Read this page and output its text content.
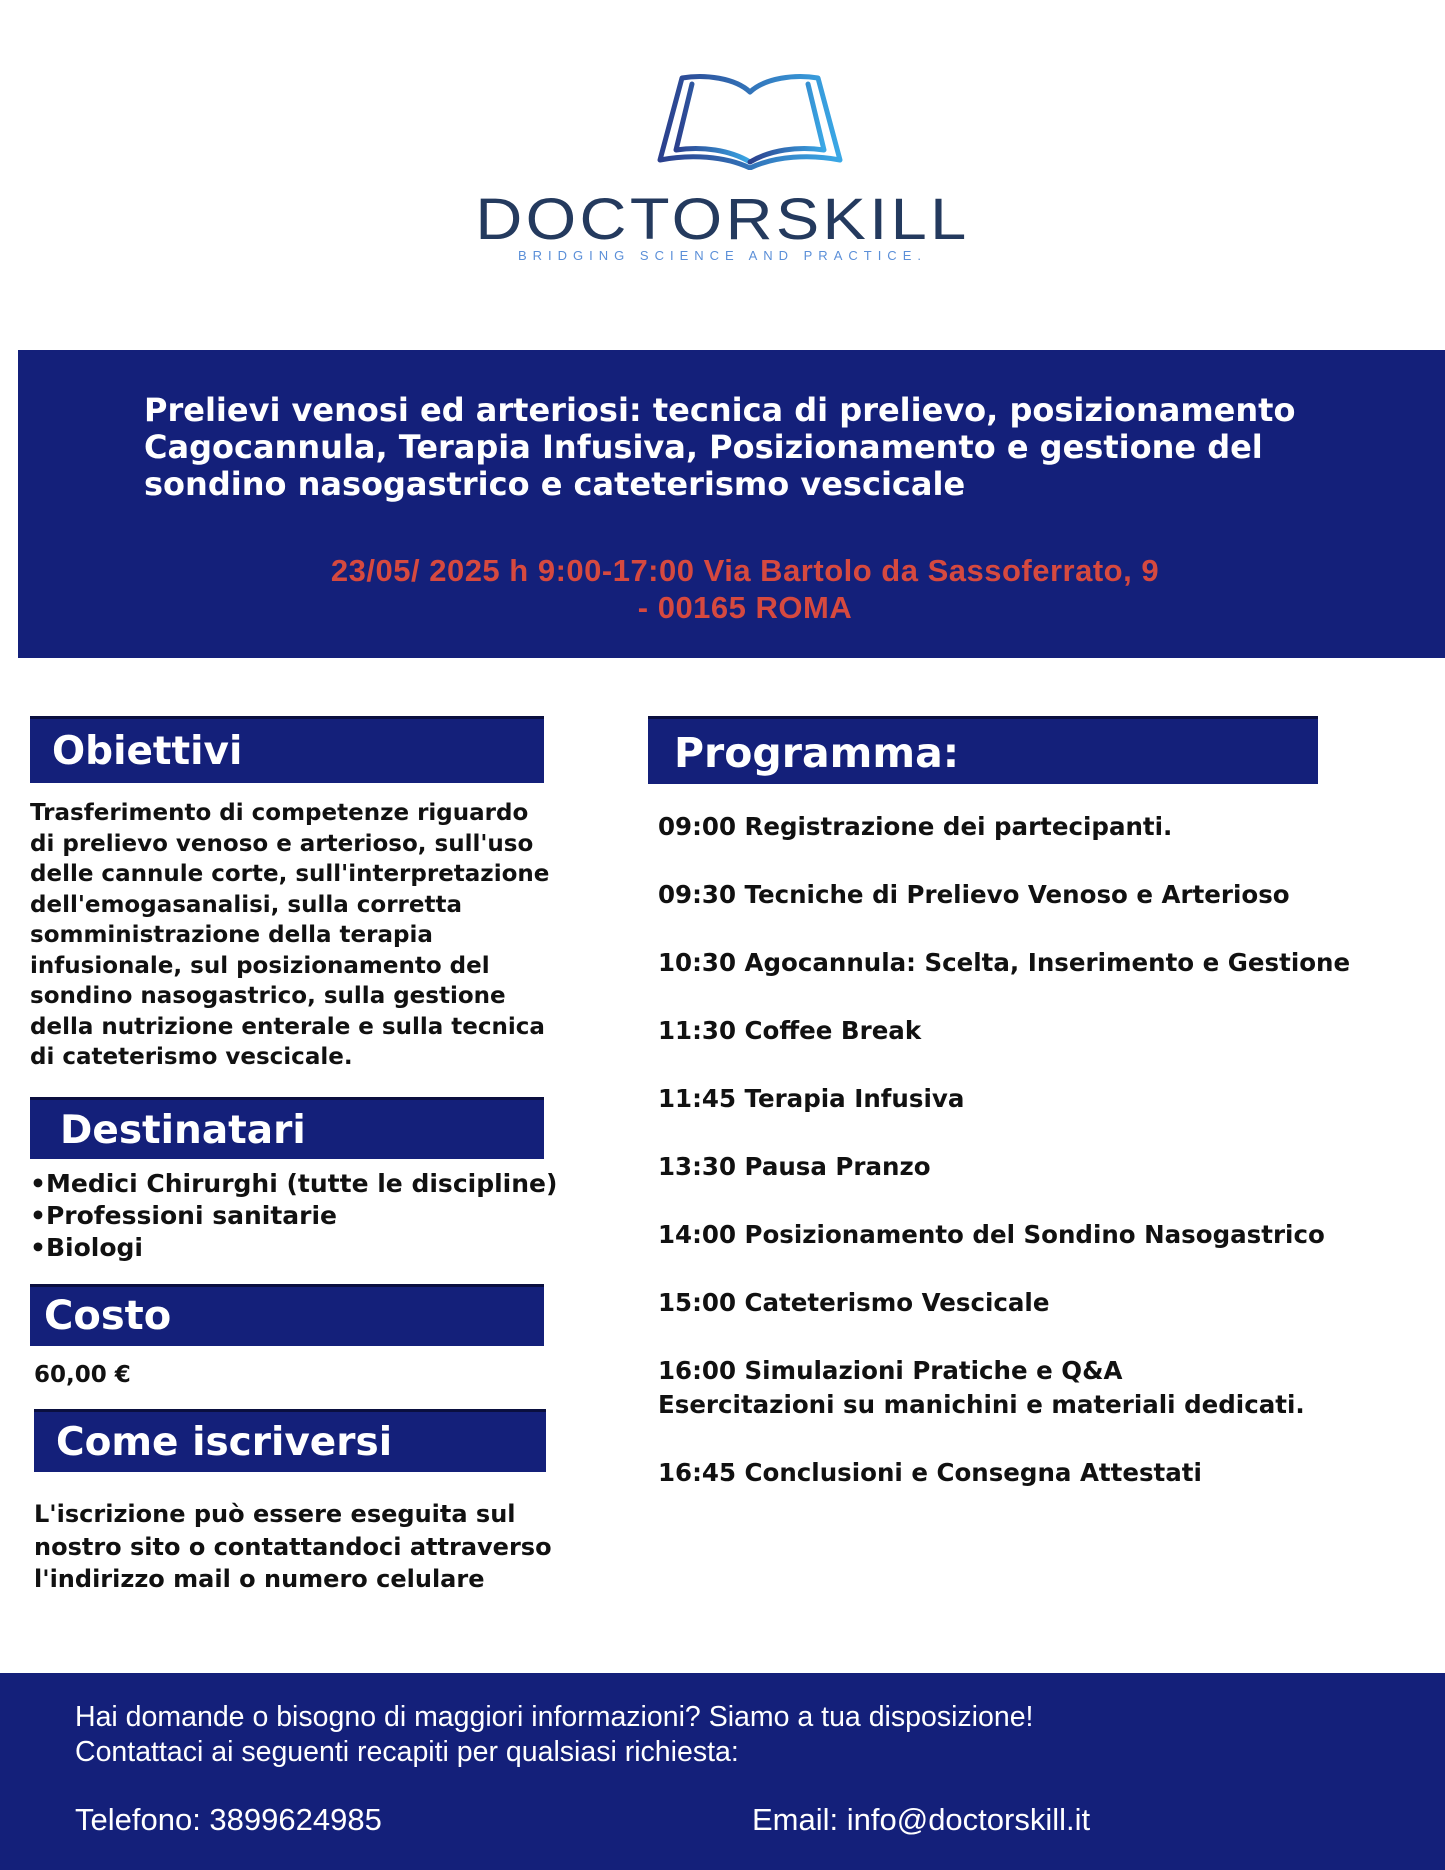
DOCTORSKILL
BRIDGING SCIENCE AND PRACTICE.
Prelievi venosi ed arteriosi: tecnica di prelievo, posizionamento Cagocannula, Terapia Infusiva, Posizionamento e gestione del sondino nasogastrico e cateterismo vescicale
23/05/ 2025 h 9:00-17:00 Via Bartolo da Sassoferrato, 9
- 00165 ROMA
Obiettivi
Trasferimento di competenze riguardo di prelievo venoso e arterioso, sull'uso delle cannule corte, sull'interpretazione dell'emogasanalisi, sulla corretta somministrazione della terapia infusionale, sul posizionamento del sondino nasogastrico, sulla gestione della nutrizione enterale e sulla tecnica di cateterismo vescicale.
Destinatari
•Medici Chirurghi (tutte le discipline)
•Professioni sanitarie
•Biologi
Costo
60,00 €
Come iscriversi
L'iscrizione può essere eseguita sul nostro sito o contattandoci attraverso l'indirizzo mail o numero celulare
Programma:
09:00 Registrazione dei partecipanti.
09:30 Tecniche di Prelievo Venoso e Arterioso
10:30 Agocannula: Scelta, Inserimento e Gestione
11:30 Coffee Break
11:45 Terapia Infusiva
13:30 Pausa Pranzo
14:00 Posizionamento del Sondino Nasogastrico
15:00 Cateterismo Vescicale
16:00 Simulazioni Pratiche e Q&A
Esercitazioni su manichini e materiali dedicati.
16:45 Conclusioni e Consegna Attestati
Hai domande o bisogno di maggiori informazioni? Siamo a tua disposizione!
Contattaci ai seguenti recapiti per qualsiasi richiesta:
Telefono: 3899624985	Email: info@doctorskill.it
